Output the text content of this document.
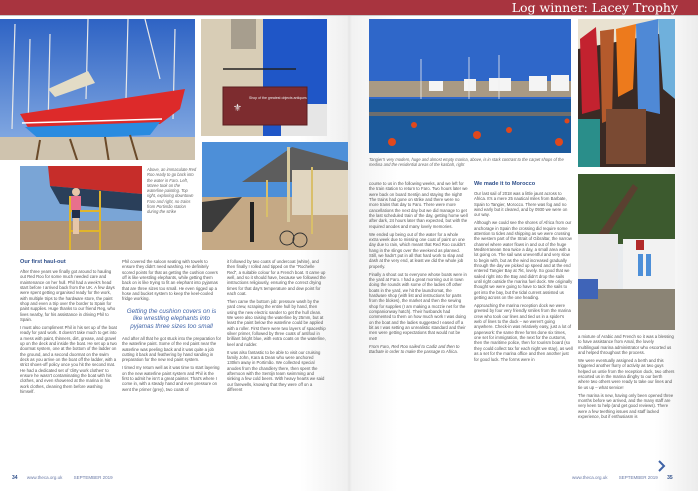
Log winner: Lacey Trophy
⚜
Shop of the greatest objects antiques
Above, an immaculate Red Roo ready to go back into the water in Faro. Left, Maree took on the waterline painting. Top right, exploring downtown Faro and right, no trains from Portimão station during the strike
Tangier's very modern, huge and almost empty marina, above, is in stark contrast to the carpet shops of the medina and the residential areas of the kasbah, right
Our first haul-out

After three years we finally got around to hauling out Red Roo for some much needed care and maintenance on her hull. Phil had a week's head start before I arrived back from the UK. A few days were spent getting organised ready for the work, with multiple trips to the hardware store, the paint shop and even a trip over the border to Spain for paint supplies. Huge thanks to our friend Reg, who lives nearby, for his assistance in driving Phil to Spain.

I must also compliment Phil in his set up of the boat ready for yard work. It doesn't take much to get into a mess with paint, thinners, dirt, grease, and gravel up on the deck and inside the boat. He set up a two doormat system, one at the bottom of the ladder on the ground, and a second doormat on the swim deck as you arrive on the boat off the ladder, with a strict shoes-off policy once you hit the second mat. He had a dedicated set of 'dirty work clothes' to ensure he wasn't contaminating the boat with his clothes, and even showered at the marina in his work clothes, cleaning them before washing himself.

Phil covered the saloon seating with towels to ensure they didn't need washing. He definitely scored points for that as getting the cushion covers off is like wrestling elephants, while getting them back on is like trying to fit an elephant into pyjamas that are three sizes too small. He even rigged up a hose and bucket system to keep the keel-cooled fridge working.

Getting the cushion covers on is like wrestling elephants into pyjamas three sizes too small

And after all that he got stuck into the preparation for the waterline paint. Some of the red paint near the waterline was peeling back and it was quite a job cutting it back and feathering by hand sanding in preparation for the new red paint system.

I timed my return well as it was time to start layering on the new waterline paint system and Phil is the first to admit he isn't a great painter. That's where I come in, with a steady hand and even pressure on went the primer (grey), two coats of

it followed by two coats of undercoat (white), and then finally I rolled and tipped on the "Rochelle Red", a suitable colour for a French boat. It came up well, and so it should have, because we followed the instructions religiously, ensuring the correct drying times for that day's temperature and dew point for each coat.

Then came the bottom job: pressure wash by the yard crew, scraping the entire hull by hand, then using the new electric sander to get the hull clean. We were also raising the waterline by 25mm, but at least the paint below the waterline could be applied with a roller. First there were two layers of spaceship silver primer, followed by three coats of antifoul in brilliant bright blue, with extra coats on the waterline, keel and rudder.

It was also fantastic to be able to visit our cruising family John, Kara & Dean who were anchored 130km away in Portimão. We collected special anodes from the chandlery there, then spent the afternoon with the Sentijn team swimming and sinking a few cold beers. With heavy hearts we said our farewells, knowing that they were off on a different

course to us in the following weeks, and we left for the train station to return to Faro. Two hours later we were back on board Sentijn and staying the night! The trains had gone on strike and there were no more trains that day to Faro. There were more cancellations the next day but we did manage to get the last scheduled train of the day, getting home well after dark, 24 hours later than expected, but with the required anodes and many lovely memories.

We ended up being out of the water for a whole extra week due to missing one coat of paint on one day due to rain, which meant that Red Roo couldn't hang in the slings over the weekend as planned. Still, we hadn't put in all that hard work to slap and dash at the very end, at least we did the whole job properly.

Finally a shout out to everyone whose boats were in the yard at Faro. I had a great morning out in town doing the rounds with some of the ladies off other boats in the yard, we hit the laundromat, the hardware shop (with list and instructions for parts from the blokes), the market and then the sewing shop for supplies (I am making a mozzie net for the companionway hatch). Their husbands had commented to them on how much work I was doing on the boat and the ladies suggested I eased off a bit as I was setting an unrealistic standard and their men were getting expectations that would not be met!

From Faro, Red Roo sailed to Cadiz and then to Barbate in order to make the passage to Africa.

We made it to Morocco

Our last sail of 2018 was a little jaunt across to Africa. It's a mere 25 nautical miles from Barbate, Spain to Tangier, Morocco. There was fog and no wind early but it cleared, and by 0930 we were on our way.

Although we could see the shores of Africa from our anchorage in Spain the crossing did require some attention to tides and shipping as we were crossing the western part of the Strait of Gibraltar, the narrow channel where water flows in and out of the huge Mediterranean Sea twice a day, a small area with a lot going on. The sail was uneventful and very slow to begin with, but as the wind increased gradually through the day we picked up speed and at the end entered Tangier Bay at 7kt, lovely. So good that we sailed right into the Bay and didn't drop the sails until right outside the marina fuel dock. We originally thought we were going to have to tack the sails to get into the bay, but the tidal current assisted us getting across on the one heading.

Approaching the marina reception dock we were greeted by four very friendly smiles from the marina crew who took our lines and tied us in a spider's web of lines to the dock – we weren't going anywhere. Check-in was relatively easy, just a lot of paperwork: the same three forms done six times, one set for immigration, the next for the customs, then the maritime police, then for tourism board (so they could collect tax for each night we stay), as well as a set for the marina office and then another just for good luck. The forms were in

a mixture of Arabic and French so it was a blessing to have assistance from Amal, the lovely multilingual marina administrator who escorted us and helped throughout the process.

We were eventually assigned a berth and this triggered another flurry of activity as two guys helped us untie from the reception dock, two others escorted us in the marina dinghy to our berth where two others were ready to take our lines and tie us up – what service!

The marina is new, having only been opened three months before we arrived, and the many staff are very keen to help (and get good reviews). There were a few teething issues and staff lacked experience, but if enthusiasm is

34 www.theca.org.uk	SEPTEMBER 2019	www.theca.org.uk	SEPTEMBER 2019 35
